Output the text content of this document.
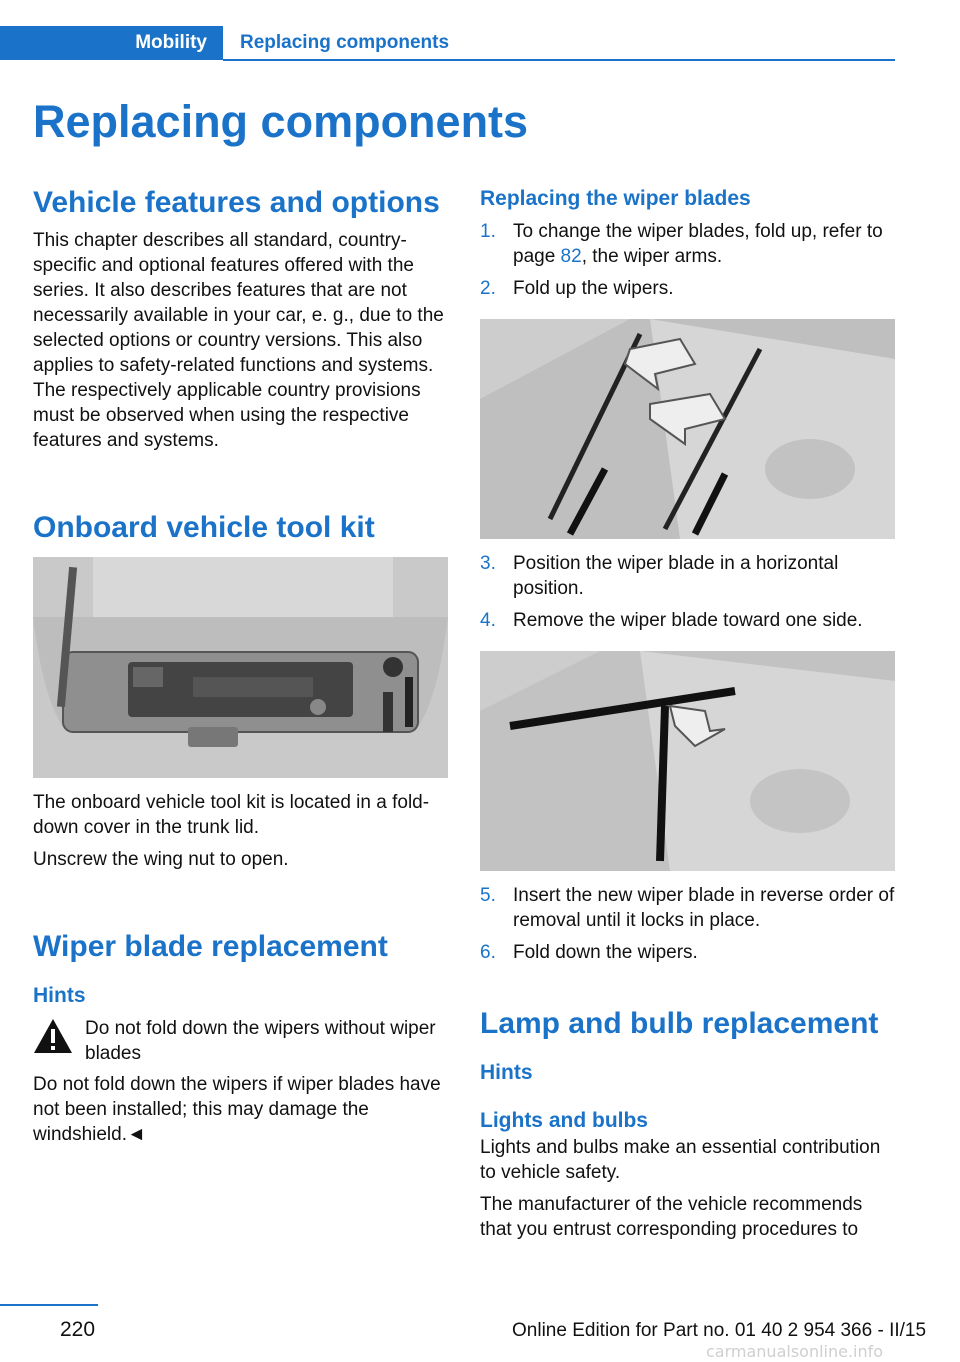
Mobility	Replacing components
Replacing components
Vehicle features and options

This chapter describes all standard, country-specific and optional features offered with the series. It also describes features that are not necessarily available in your car, e. g., due to the selected options or country versions. This also applies to safety-related functions and systems. The respectively applicable country provisions must be observed when using the respective features and systems.

Onboard vehicle tool kit

The onboard vehicle tool kit is located in a fold-down cover in the trunk lid.

Unscrew the wing nut to open.

Wiper blade replacement
Hints

Do not fold down the wipers without wiper blades

Do not fold down the wipers if wiper blades have not been installed; this may damage the windshield.◄

Replacing the wiper blades
1. To change the wiper blades, fold up, refer to page 82, the wiper arms.
2. Fold up the wipers.
3. Position the wiper blade in a horizontal position.
4. Remove the wiper blade toward one side.
5. Insert the new wiper blade in reverse order of removal until it locks in place.
6. Fold down the wipers.
Lamp and bulb replacement
Hints
Lights and bulbs

Lights and bulbs make an essential contribution to vehicle safety.

The manufacturer of the vehicle recommends that you entrust corresponding procedures to

220	Online Edition for Part no. 01 40 2 954 366 - II/15
carmanualsonline.info
